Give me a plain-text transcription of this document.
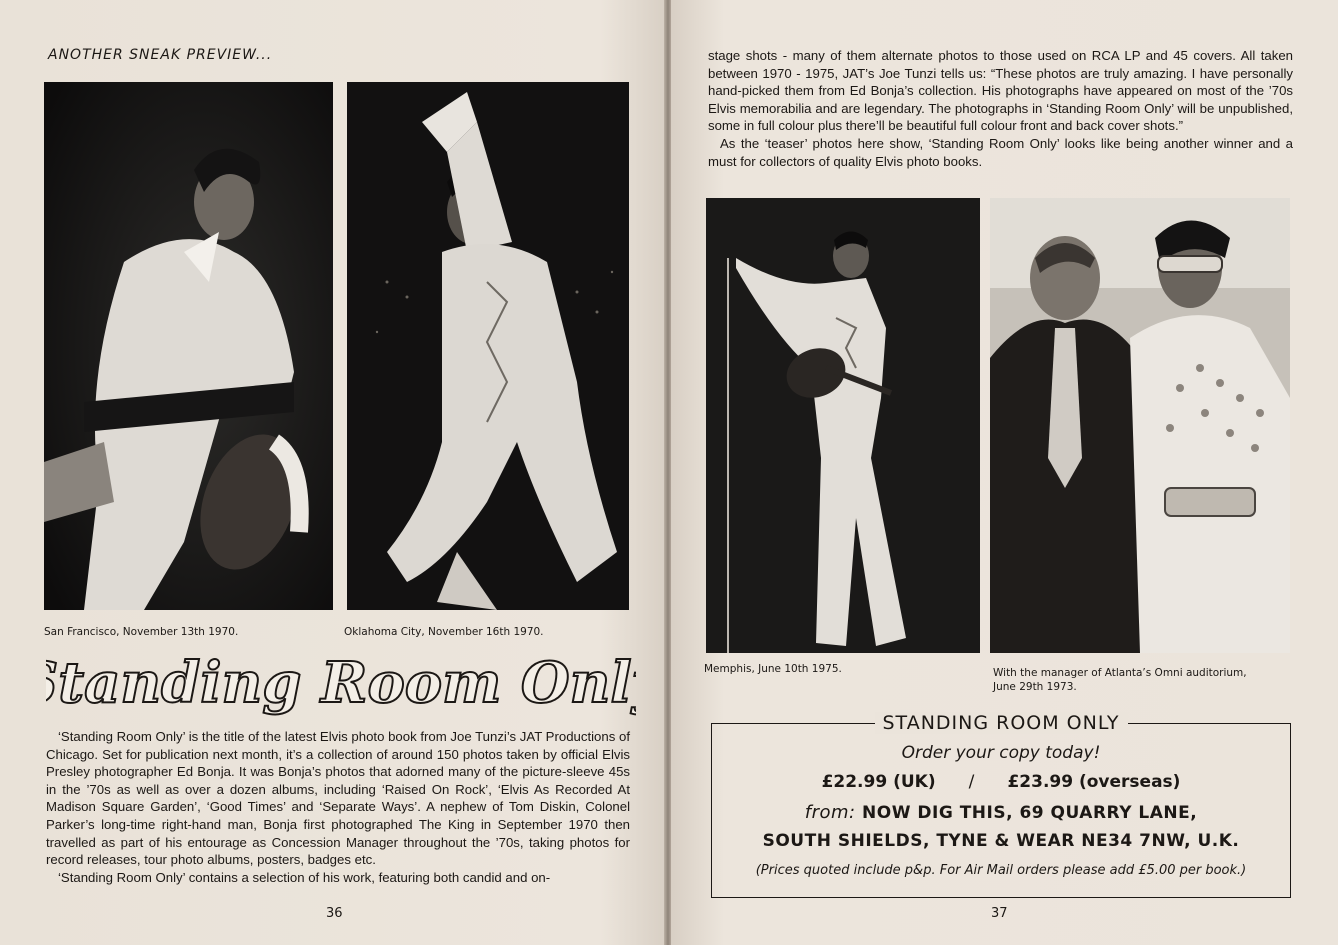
ANOTHER SNEAK PREVIEW...
San Francisco, November 13th 1970.	Oklahoma City, November 16th 1970.
Standing Room Only

‘Standing Room Only’ is the title of the latest Elvis photo book from Joe Tunzi’s JAT Productions of Chicago. Set for publication next month, it’s a collection of around 150 photos taken by official Elvis Presley photographer Ed Bonja. It was Bonja’s photos that adorned many of the picture-sleeve 45s in the ’70s as well as over a dozen albums, including ‘Raised On Rock’, ‘Elvis As Recorded At Madison Square Garden’, ‘Good Times’ and ‘Separate Ways’. A nephew of Tom Diskin, Colonel Parker’s long-time right-hand man, Bonja first photographed The King in September 1970 then travelled as part of his entourage as Concession Manager throughout the ’70s, taking photos for record releases, tour photo albums, posters, badges etc.

‘Standing Room Only’ contains a selection of his work, featuring both candid and on-

36

stage shots - many of them alternate photos to those used on RCA LP and 45 covers. All taken between 1970 - 1975, JAT’s Joe Tunzi tells us: “These photos are truly amazing. I have personally hand-picked them from Ed Bonja’s collection. His photographs have appeared on most of the ’70s Elvis memorabilia and are legendary. The photographs in ‘Standing Room Only’ will be unpublished, some in full colour plus there’ll be beautiful full colour front and back cover shots.”

As the ‘teaser’ photos here show, ‘Standing Room Only’ looks like being another winner and a must for collectors of quality Elvis photo books.

Memphis, June 10th 1975.	With the manager of Atlanta’s Omni auditorium,
June 29th 1973.
STANDING ROOM ONLY
Order your copy today!
£22.99 (UK) / £23.99 (overseas)
from: NOW DIG THIS, 69 QUARRY LANE,
SOUTH SHIELDS, TYNE & WEAR NE34 7NW, U.K.
(Prices quoted include p&p. For Air Mail orders please add £5.00 per book.)
37
